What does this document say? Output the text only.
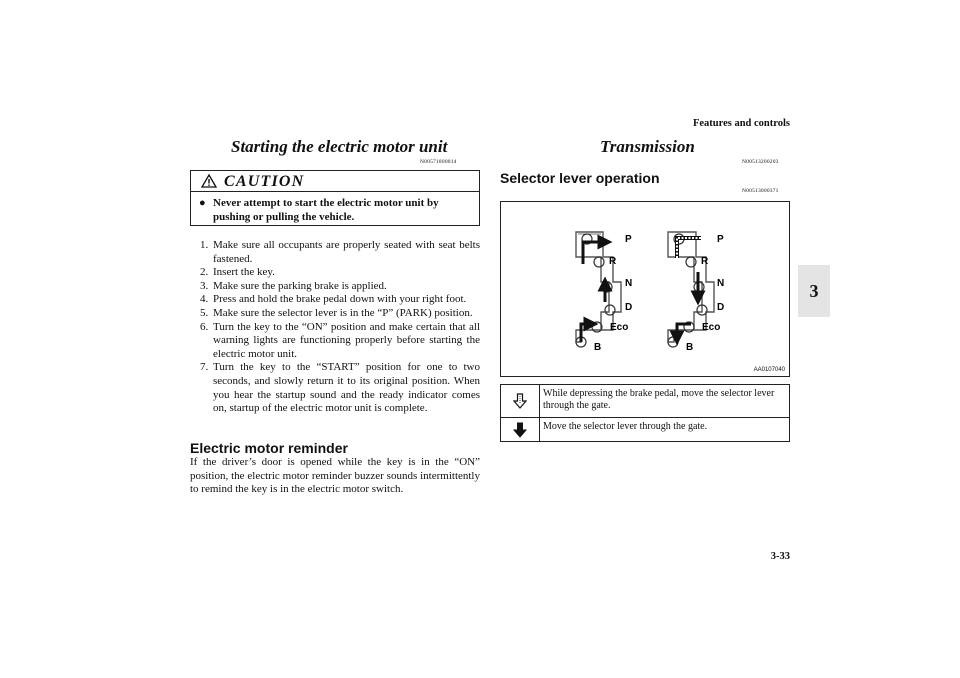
Features and controls
3
3-33
Starting the electric motor unit
N00571800014
CAUTION
● Never attempt to start the electric motor unit by
pushing or pulling the vehicle.
1. Make sure all occupants are properly seated with seat belts fastened.
2. Insert the key.
3. Make sure the parking brake is applied.
4. Press and hold the brake pedal down with your right foot.
5. Make sure the selector lever is in the “P” (PARK) position.
6. Turn the key to the “ON” position and make certain that all warning lights are functioning properly before starting the electric motor unit.
7. Turn the key to the “START” position for one to two seconds, and slowly return it to its original position. When you hear the startup sound and the ready indicator comes on, startup of the electric motor unit is complete.
Electric motor reminder
If the driver’s door is opened while the key is in the “ON” position, the electric motor reminder buzzer sounds intermittently to remind the key is in the electric motor switch.
Transmission
N00513200203
Selector lever operation
N00513000371
P
R
N
D
Eco
B
P
R
N
D
Eco
B
AA0107040
While depressing the brake pedal, move the selector lever through the gate.
Move the selector lever through the gate.
